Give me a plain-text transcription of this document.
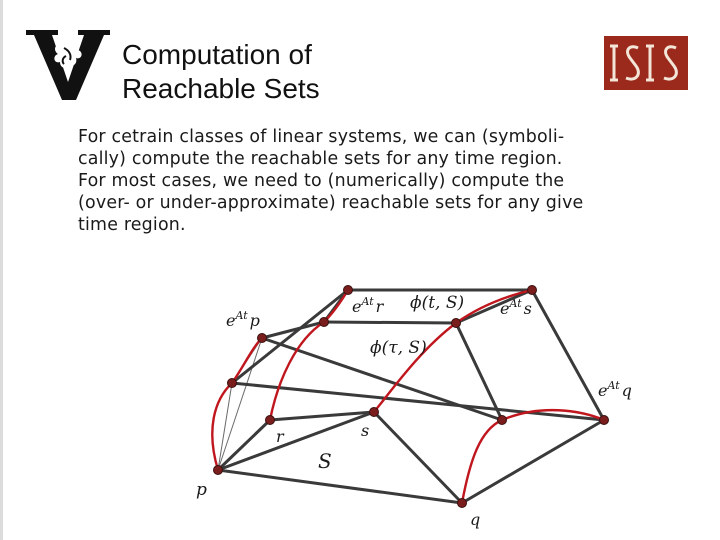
Computation of
Reachable Sets
For cetrain classes of linear systems, we can (symboli-
cally) compute the reachable sets for any time region.
For most cases, we need to (numerically) compute the
(over- or under-approximate) reachable sets for any give
time region.
p
r	s
q
S
$e^{At}$ p
$e^{At}$ r ϕ(t, S)
ϕ(τ, S)
$e^{At}$ s
$e^{At}$ q
